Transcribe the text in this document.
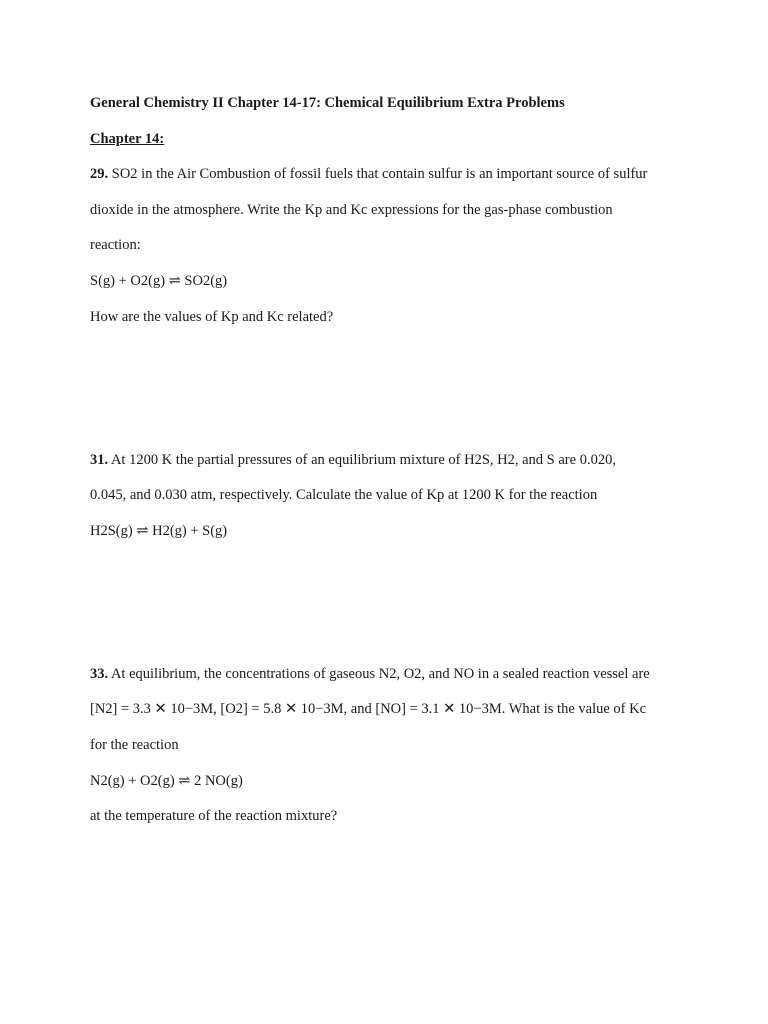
General Chemistry II Chapter 14-17: Chemical Equilibrium Extra Problems
Chapter 14:
29. SO2 in the Air Combustion of fossil fuels that contain sulfur is an important source of sulfur
dioxide in the atmosphere. Write the Kp and Kc expressions for the gas-phase combustion
reaction:
S(g) + O2(g) ⇌ SO2(g)
How are the values of Kp and Kc related?
31. At 1200 K the partial pressures of an equilibrium mixture of H2S, H2, and S are 0.020,
0.045, and 0.030 atm, respectively. Calculate the value of Kp at 1200 K for the reaction
H2S(g) ⇌ H2(g) + S(g)
33. At equilibrium, the concentrations of gaseous N2, O2, and NO in a sealed reaction vessel are
[N2] = 3.3 ✕ 10−3M, [O2] = 5.8 ✕ 10−3M, and [NO] = 3.1 ✕ 10−3M. What is the value of Kc
for the reaction
N2(g) + O2(g) ⇌ 2 NO(g)
at the temperature of the reaction mixture?
